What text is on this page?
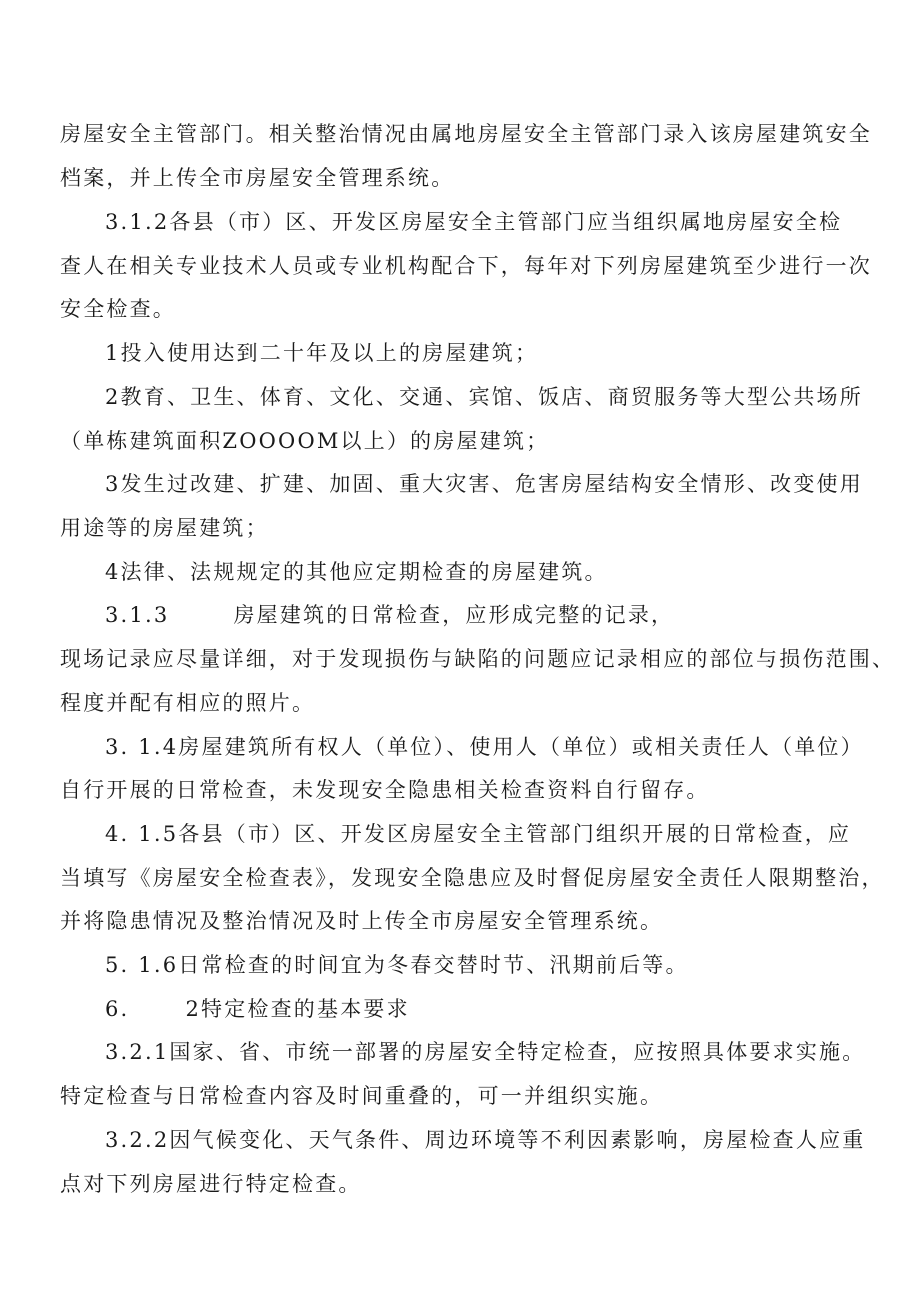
房屋安全主管部门。相关整治情况由属地房屋安全主管部门录入该房屋建筑安全
档案，并上传全市房屋安全管理系统。
3.1.2各县（市）区、开发区房屋安全主管部门应当组织属地房屋安全检
查人在相关专业技术人员或专业机构配合下，每年对下列房屋建筑至少进行一次
安全检查。
1投入使用达到二十年及以上的房屋建筑；
2教育、卫生、体育、文化、交通、宾馆、饭店、商贸服务等大型公共场所
（单栋建筑面积ZOOOOM以上）的房屋建筑；
3发生过改建、扩建、加固、重大灾害、危害房屋结构安全情形、改变使用
用途等的房屋建筑；
4法律、法规规定的其他应定期检查的房屋建筑。
3.1.3	房屋建筑的日常检查，应形成完整的记录，
现场记录应尽量详细，对于发现损伤与缺陷的问题应记录相应的部位与损伤范围、
程度并配有相应的照片。
3. 1.4房屋建筑所有权人（单位）、使用人（单位）或相关责任人（单位）
自行开展的日常检查，未发现安全隐患相关检查资料自行留存。
4. 1.5各县（市）区、开发区房屋安全主管部门组织开展的日常检查，应
当填写《房屋安全检查表》，发现安全隐患应及时督促房屋安全责任人限期整治，
并将隐患情况及整治情况及时上传全市房屋安全管理系统。
5. 1.6日常检查的时间宜为冬春交替时节、汛期前后等。
6.	2特定检查的基本要求
3.2.1国家、省、市统一部署的房屋安全特定检查，应按照具体要求实施。
特定检查与日常检查内容及时间重叠的，可一并组织实施。
3.2.2因气候变化、天气条件、周边环境等不利因素影响，房屋检查人应重
点对下列房屋进行特定检查。
